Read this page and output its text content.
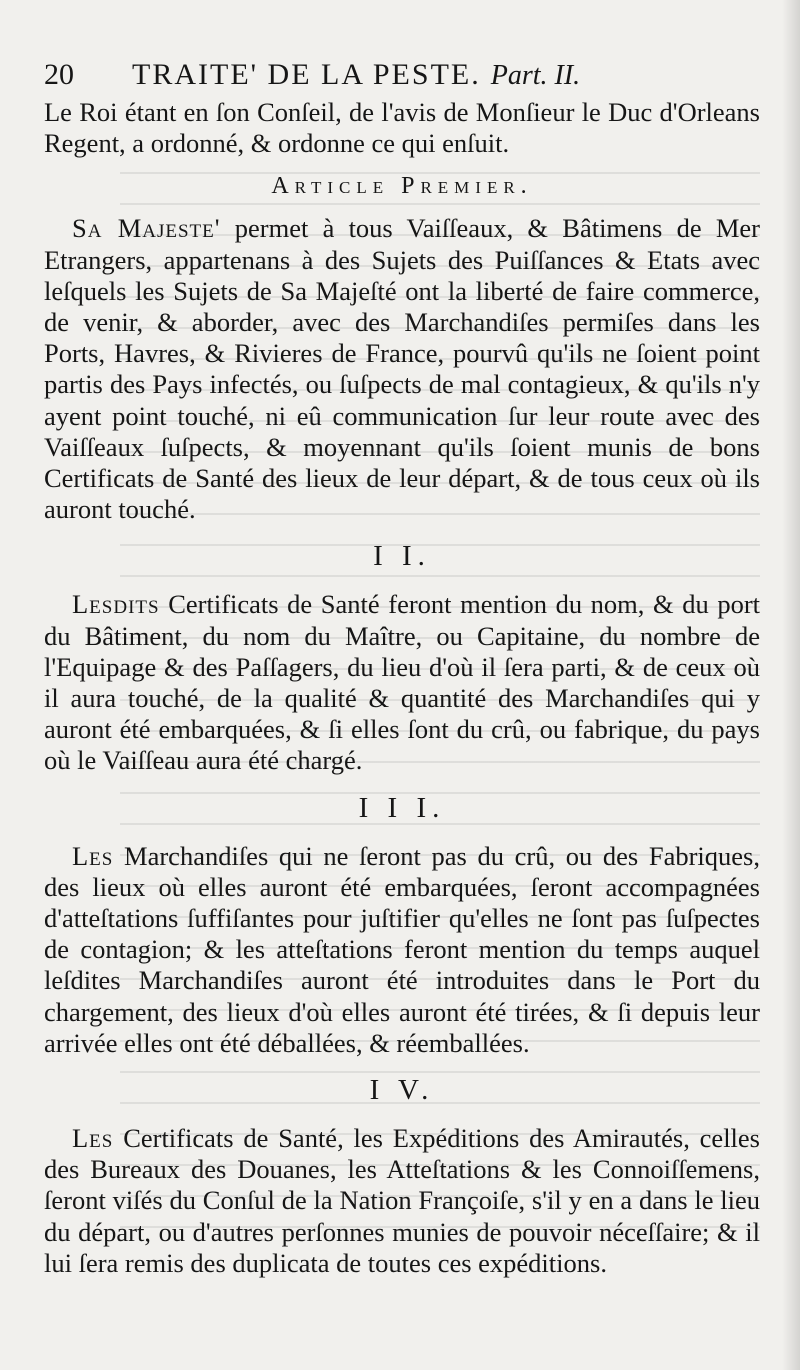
20	TRAITE' DE LA PESTE. Part. II.

Le Roi étant en ſon Conſeil, de l'avis de Monſieur le Duc d'Orleans Regent, a ordonné, & ordonne ce qui enſuit.

Article Premier.

Sa Majeste' permet à tous Vaiſſeaux, & Bâtimens de Mer Etrangers, appartenans à des Sujets des Puiſſances & Etats avec leſquels les Sujets de Sa Majeſté ont la liberté de faire commerce, de venir, & aborder, avec des Marchandiſes permiſes dans les Ports, Havres, & Rivieres de France, pourvû qu'ils ne ſoient point partis des Pays infectés, ou ſuſpects de mal contagieux, & qu'ils n'y ayent point touché, ni eû communication ſur leur route avec des Vaiſſeaux ſuſpects, & moyennant qu'ils ſoient munis de bons Certificats de Santé des lieux de leur départ, & de tous ceux où ils auront touché.

I I.

Lesdits Certificats de Santé feront mention du nom, & du port du Bâtiment, du nom du Maître, ou Capitaine, du nombre de l'Equipage & des Paſſagers, du lieu d'où il ſera parti, & de ceux où il aura touché, de la qualité & quantité des Marchandiſes qui y auront été embarquées, & ſi elles ſont du crû, ou fabrique, du pays où le Vaiſſeau aura été chargé.

I I I.

Les Marchandiſes qui ne ſeront pas du crû, ou des Fabriques, des lieux où elles auront été embarquées, ſeront accompagnées d'atteſtations ſuffiſantes pour juſtifier qu'elles ne ſont pas ſuſpectes de contagion; & les atteſtations feront mention du temps auquel leſdites Marchandiſes auront été introduites dans le Port du chargement, des lieux d'où elles auront été tirées, & ſi depuis leur arrivée elles ont été déballées, & réemballées.

I V.

Les Certificats de Santé, les Expéditions des Amirautés, celles des Bureaux des Douanes, les Atteſtations & les Connoiſſemens, ſeront viſés du Conſul de la Nation Françoiſe, s'il y en a dans le lieu du départ, ou d'autres perſonnes munies de pouvoir néceſſaire; & il lui ſera remis des duplicata de toutes ces expéditions.
